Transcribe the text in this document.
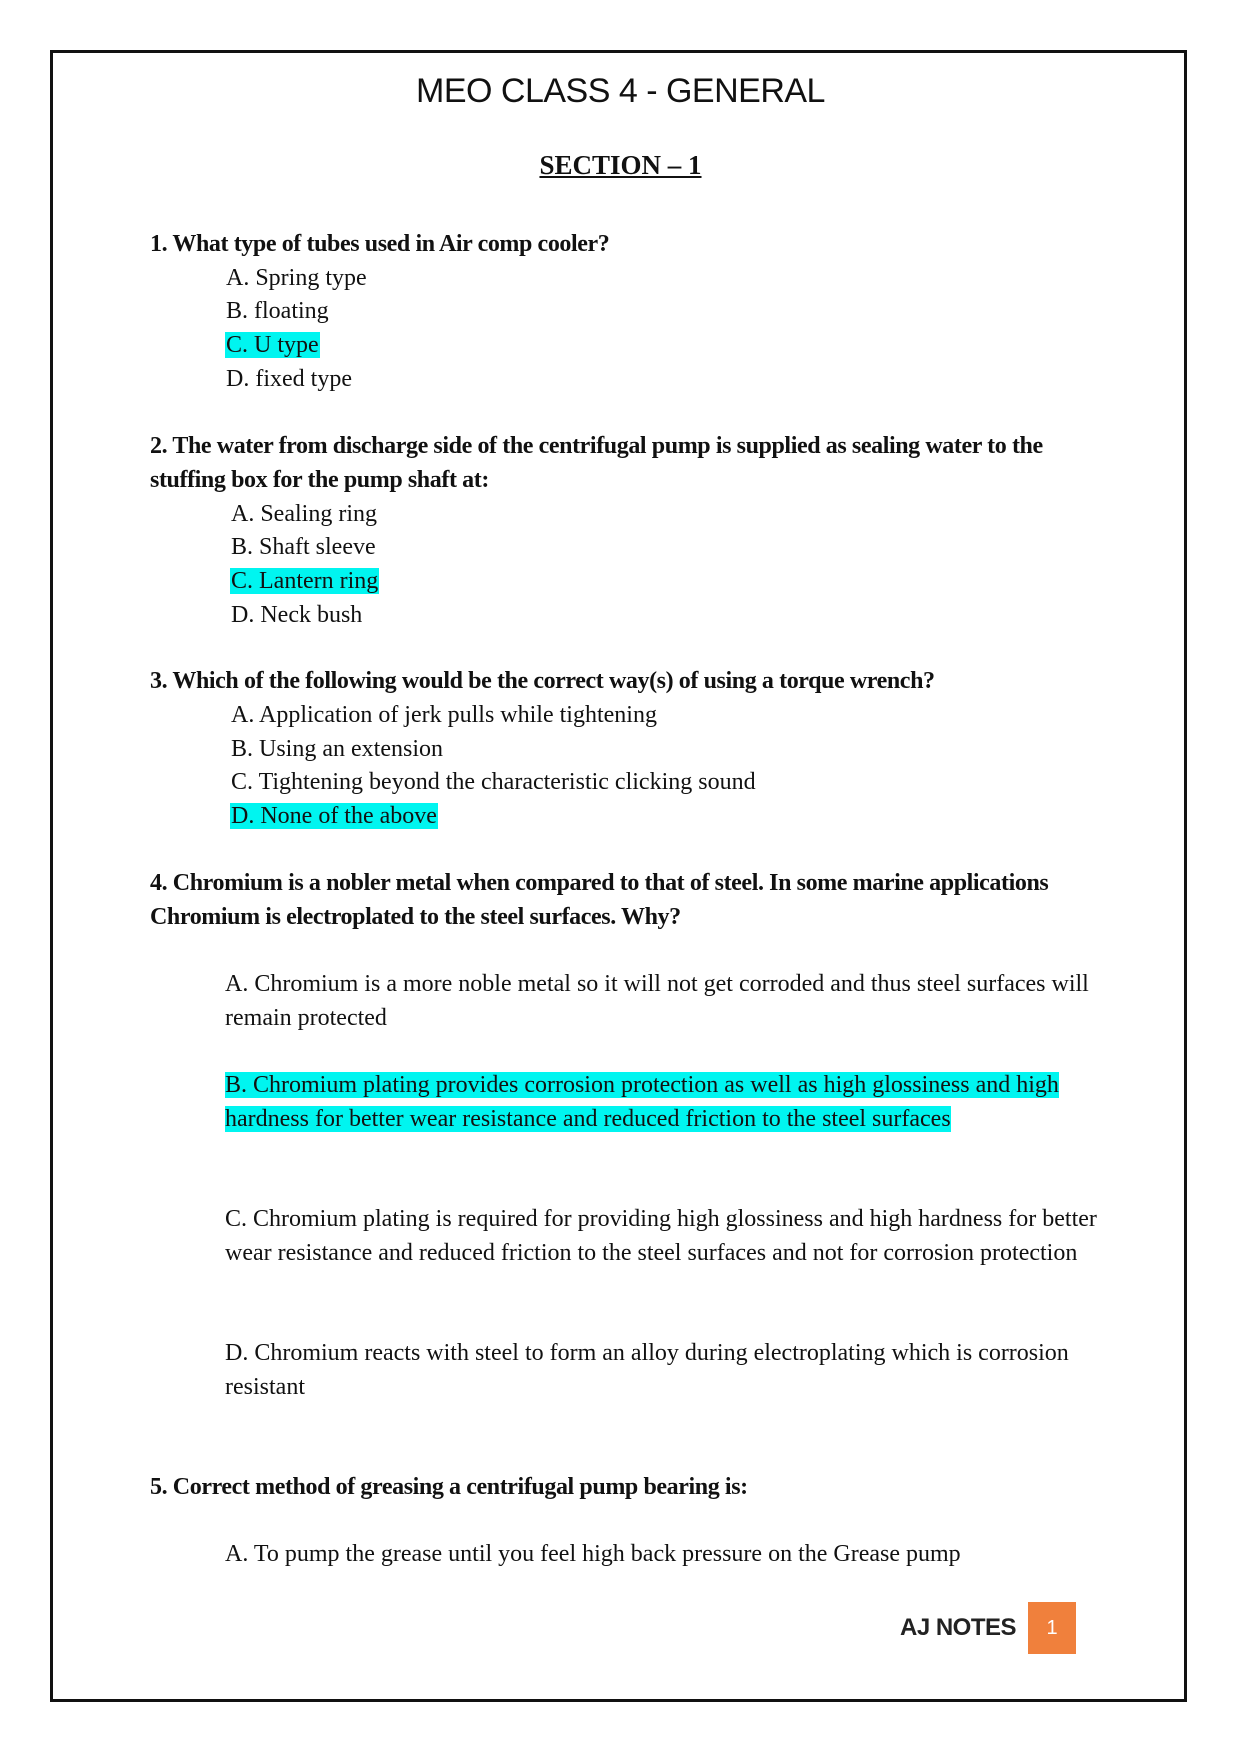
MEO CLASS 4 - GENERAL
SECTION – 1
1. What type of tubes used in Air comp cooler?
A. Spring type
B. floating
C. U type
D. fixed type
2. The water from discharge side of the centrifugal pump is supplied as sealing water to the stuffing box for the pump shaft at:
A. Sealing ring
B. Shaft sleeve
C. Lantern ring
D. Neck bush
3. Which of the following would be the correct way(s) of using a torque wrench?
A. Application of jerk pulls while tightening
B. Using an extension
C. Tightening beyond the characteristic clicking sound
D. None of the above
4. Chromium is a nobler metal when compared to that of steel. In some marine applications Chromium is electroplated to the steel surfaces. Why?
A. Chromium is a more noble metal so it will not get corroded and thus steel surfaces will remain protected
B. Chromium plating provides corrosion protection as well as high glossiness and high hardness for better wear resistance and reduced friction to the steel surfaces
C. Chromium plating is required for providing high glossiness and high hardness for better wear resistance and reduced friction to the steel surfaces and not for corrosion protection
D. Chromium reacts with steel to form an alloy during electroplating which is corrosion resistant
5. Correct method of greasing a centrifugal pump bearing is:
A. To pump the grease until you feel high back pressure on the Grease pump
AJ NOTES	1
